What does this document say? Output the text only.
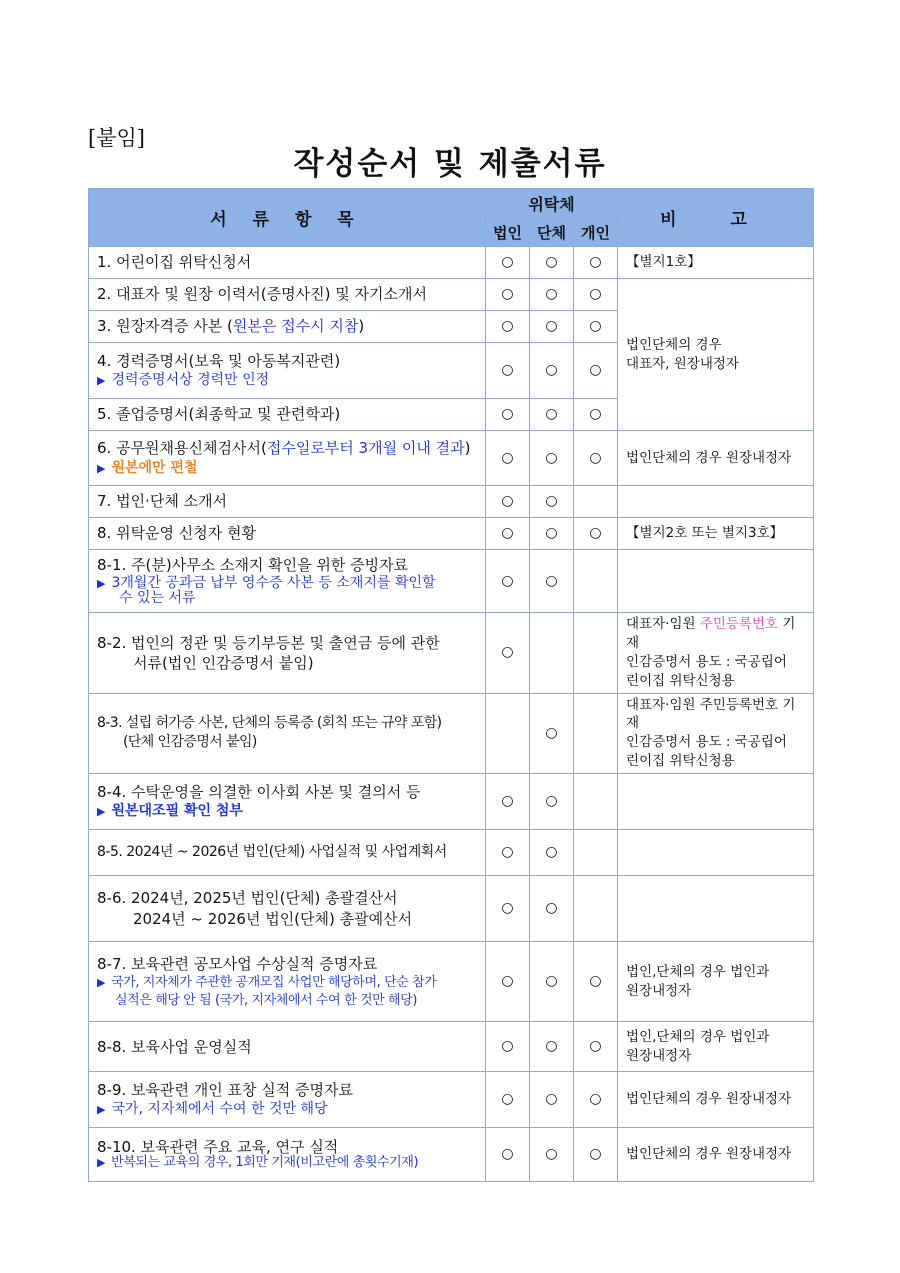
[붙임]
작성순서 및 제출서류
서 류 항 목	위탁체			비 고
	법인	단체	개인	
1. 어린이집 위탁신청서	○	○	○	【별지1호】
2. 대표자 및 원장 이력서(증명사진) 및 자기소개서	○	○	○	법인단체의 경우
대표자, 원장내정자

3. 원장자격증 사본 (원본은 접수시 지참)	○	○	○	

4. 경력증명서(보육 및 아동복지관련)
▶ 경력증명서상 경력만 인정	○	○	○	
5. 졸업증명서(최종학교 및 관련학과)	○	○	○	

6. 공무원채용신체검사서(접수일로부터 3개월 이내 결과)
▶ 원본에만 편철	○	○	○	법인단체의 경우 원장내정자
7. 법인·단체 소개서	○	○		
8. 위탁운영 신청자 현황	○	○	○	【별지2호 또는 별지3호】

8-1. 주(분)사무소 소재지 확인을 위한 증빙자료
▶ 3개월간 공과금 납부 영수증 사본 등 소재지를 확인할
수 있는 서류	○	○		

8-2. 법인의 정관 및 등기부등본 및 출연금 등에 관한
서류(법인 인감증명서 붙임)	○			대표자·임원 주민등록번호 기재
인감증명서 용도 : 국공립어
린이집 위탁신청용

8-3. 설립 허가증 사본, 단체의 등록증 (회칙 또는 규약 포함)
(단체 인감증명서 붙임)		○		대표자·임원 주민등록번호 기재
인감증명서 용도 : 국공립어
린이집 위탁신청용

8-4. 수탁운영을 의결한 이사회 사본 및 결의서 등
▶ 원본대조필 확인 첨부	○	○		
8-5. 2024년 ~ 2026년 법인(단체) 사업실적 및 사업계획서	○	○		

8-6. 2024년, 2025년 법인(단체) 총괄결산서
2024년 ~ 2026년 법인(단체) 총괄예산서	○	○		

8-7. 보육관련 공모사업 수상실적 증명자료
▶ 국가, 지자체가 주관한 공개모집 사업만 해당하며, 단순 참가
실적은 해당 안 됨 (국가, 지자체에서 수여 한 것만 해당)	○	○	○	법인,단체의 경우 법인과
원장내정자

8-8. 보육사업 운영실적	○	○	○	법인,단체의 경우 법인과
원장내정자

8-9. 보육관련 개인 표창 실적 증명자료
▶ 국가, 지자체에서 수여 한 것만 해당	○	○	○	법인단체의 경우 원장내정자

8-10. 보육관련 주요 교육, 연구 실적
▶ 반복되는 교육의 경우, 1회만 기재(비고란에 총횟수기재)	○	○	○	법인단체의 경우 원장내정자
